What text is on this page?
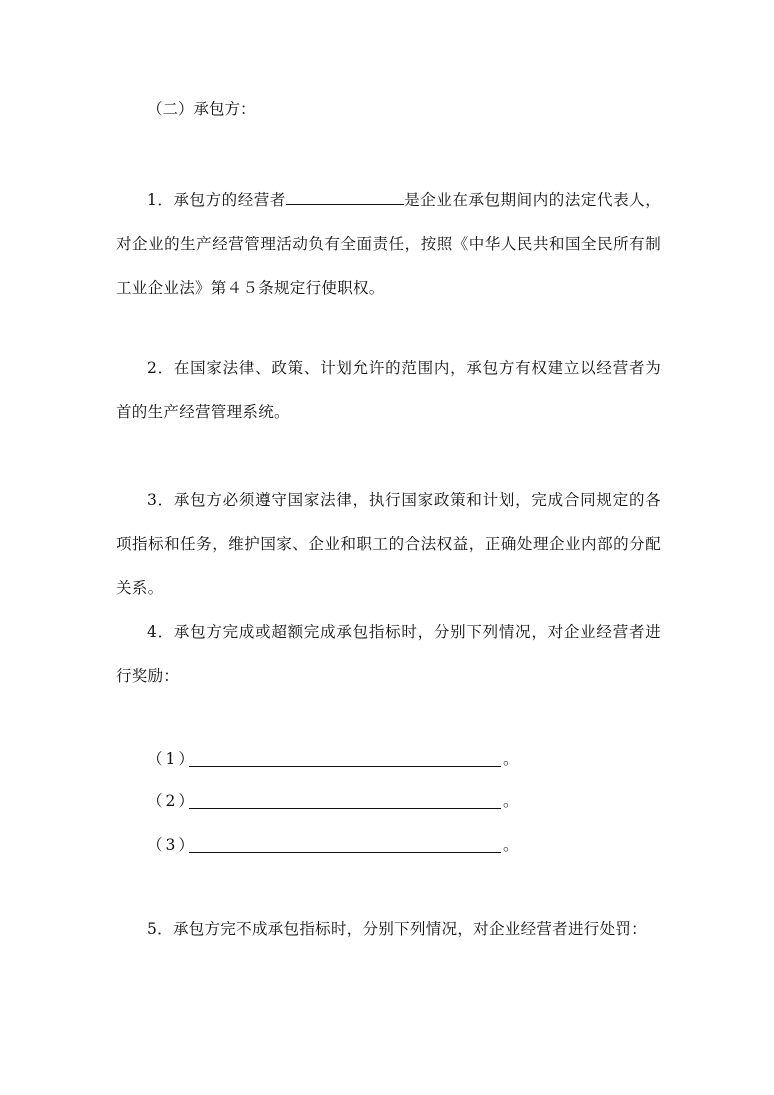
（二）承包方：

1．承包方的经营者	是企业在承包期间内的法定代表人，对企业的生产经营管理活动负有全面责任，按照《中华人民共和国全民所有制工业企业法》第４５条规定行使职权。

2．在国家法律、政策、计划允许的范围内，承包方有权建立以经营者为首的生产经营管理系统。

3．承包方必须遵守国家法律，执行国家政策和计划，完成合同规定的各项指标和任务，维护国家、企业和职工的合法权益，正确处理企业内部的分配关系。

4．承包方完成或超额完成承包指标时，分别下列情况，对企业经营者进行奖励：

（1）	。
（2）	。
（3）	。

5．承包方完不成承包指标时，分别下列情况，对企业经营者进行处罚：
